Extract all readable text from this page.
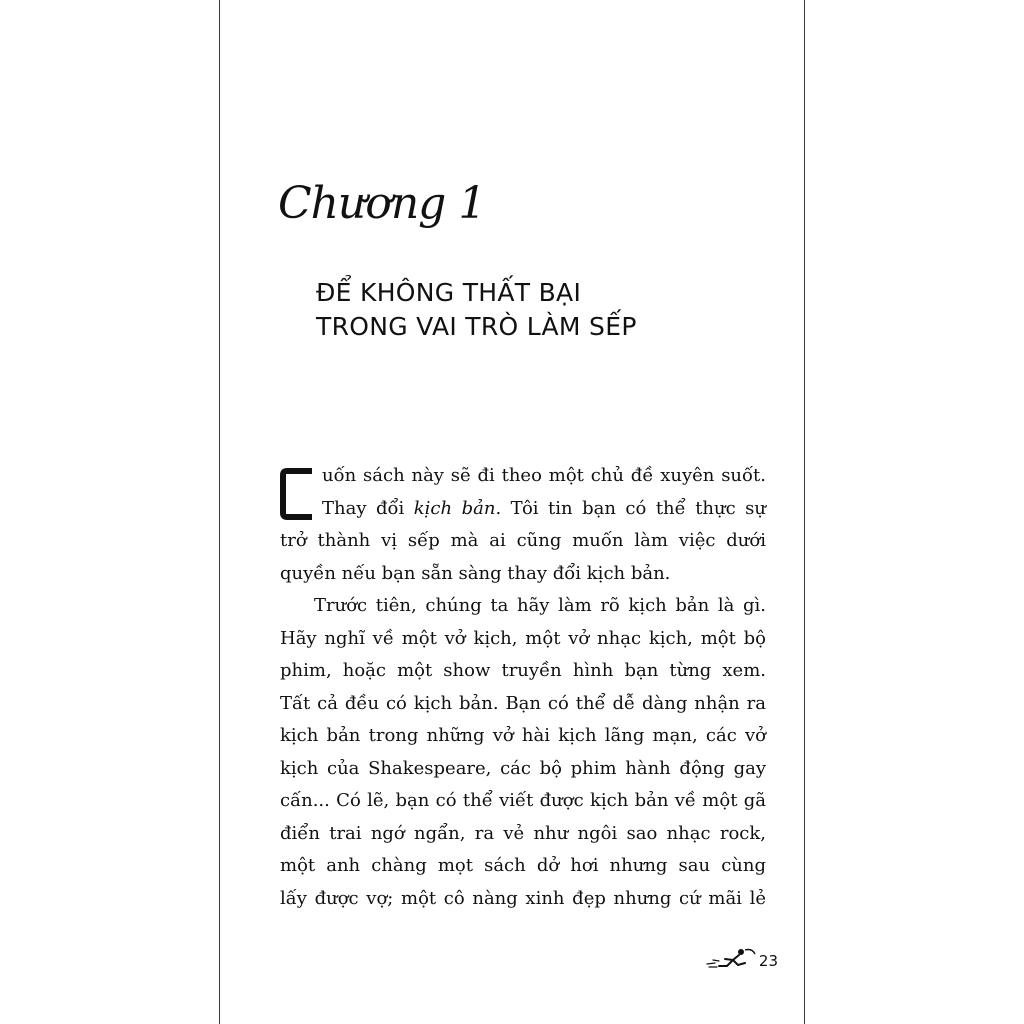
Chương 1
ĐỂ KHÔNG THẤT BẠI
TRONG VAI TRÒ LÀM SẾP
C	uốn sách này sẽ đi theo một chủ đề xuyên suốt.
Thay đổi kịch bản. Tôi tin bạn có thể thực sự
trở thành vị sếp mà ai cũng muốn làm việc dưới
quyền nếu bạn sẵn sàng thay đổi kịch bản.
Trước tiên, chúng ta hãy làm rõ kịch bản là gì.
Hãy nghĩ về một vở kịch, một vở nhạc kịch, một bộ
phim, hoặc một show truyền hình bạn từng xem.
Tất cả đều có kịch bản. Bạn có thể dễ dàng nhận ra
kịch bản trong những vở hài kịch lãng mạn, các vở
kịch của Shakespeare, các bộ phim hành động gay
cấn... Có lẽ, bạn có thể viết được kịch bản về một gã
điển trai ngớ ngẩn, ra vẻ như ngôi sao nhạc rock,
một anh chàng mọt sách dở hơi nhưng sau cùng
lấy được vợ; một cô nàng xinh đẹp nhưng cứ mãi lẻ
23
